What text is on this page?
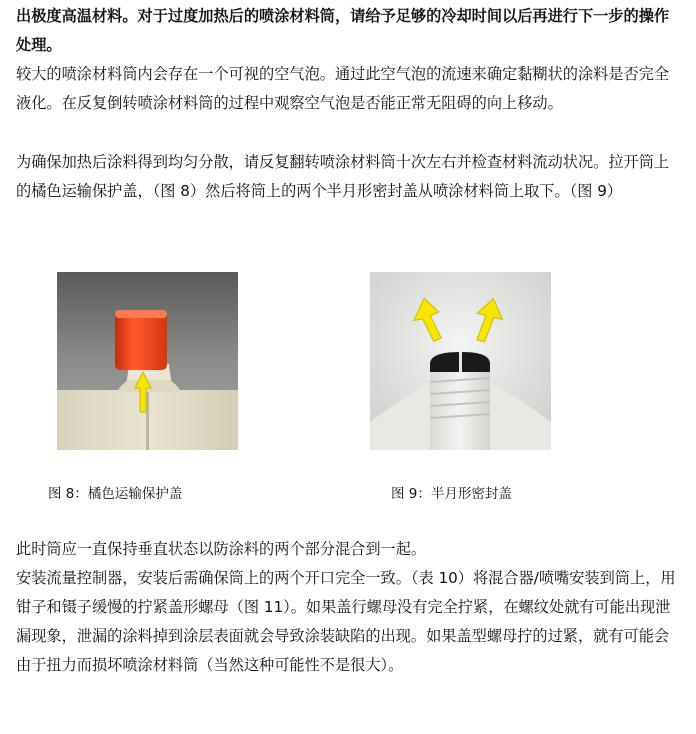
出极度高温材料。对于过度加热后的喷涂材料筒，请给予足够的冷却时间以后再进行下一步的操作处理。

较大的喷涂材料筒内会存在一个可视的空气泡。通过此空气泡的流速来确定黏糊状的涂料是否完全液化。在反复倒转喷涂材料筒的过程中观察空气泡是否能正常无阻碍的向上移动。

为确保加热后涂料得到均匀分散，请反复翻转喷涂材料筒十次左右并检查材料流动状况。拉开筒上的橘色运输保护盖，（图 8）然后将筒上的两个半月形密封盖从喷涂材料筒上取下。（图 9）

图 8：橘色运输保护盖	图 9：半月形密封盖

此时筒应一直保持垂直状态以防涂料的两个部分混合到一起。

安装流量控制器，安装后需确保筒上的两个开口完全一致。（表 10）将混合器/喷嘴安装到筒上，用钳子和镊子缓慢的拧紧盖形螺母（图 11）。如果盖行螺母没有完全拧紧，在螺纹处就有可能出现泄漏现象，泄漏的涂料掉到涂层表面就会导致涂装缺陷的出现。如果盖型螺母拧的过紧，就有可能会由于扭力而损坏喷涂材料筒（当然这种可能性不是很大）。
